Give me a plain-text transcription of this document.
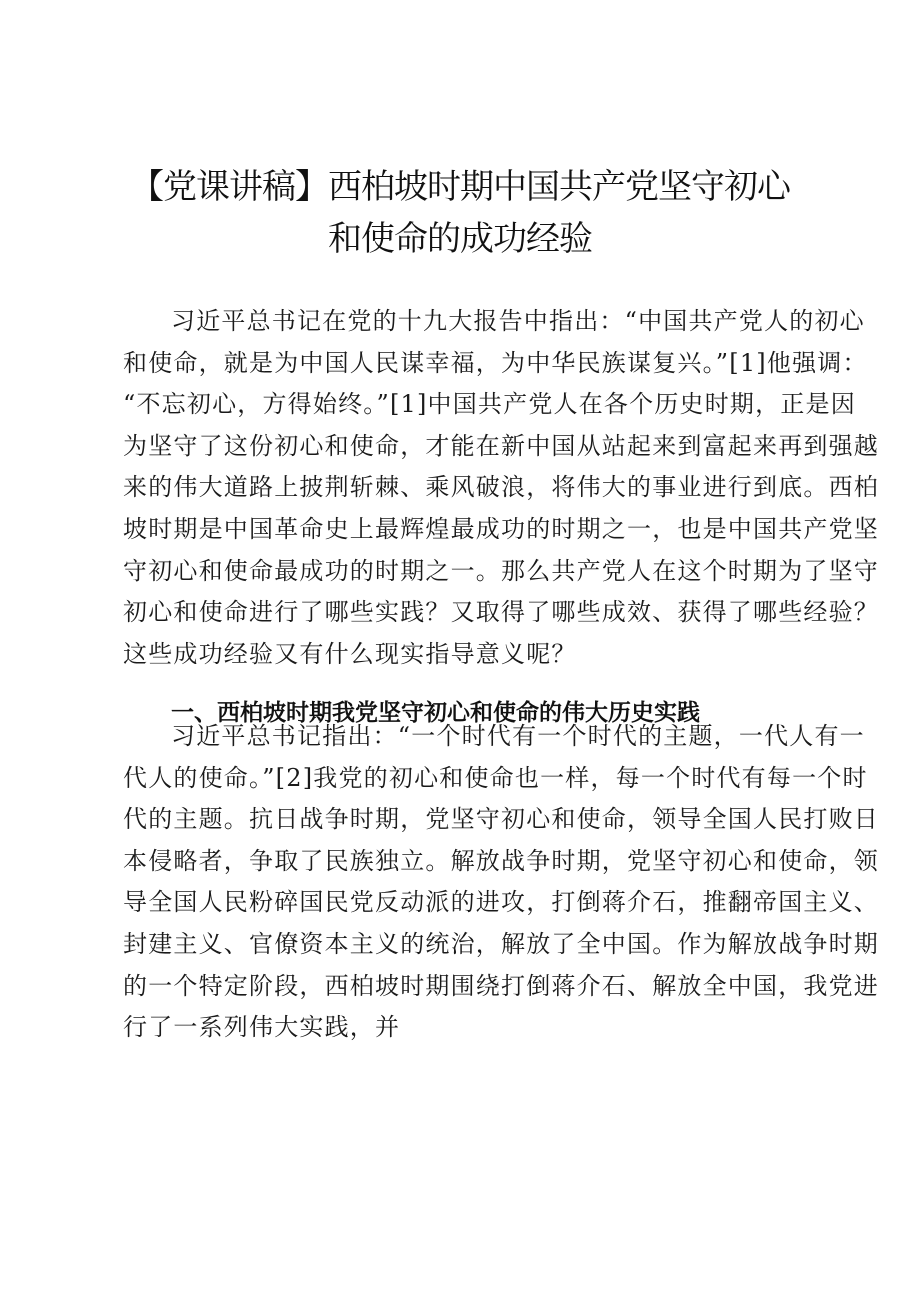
【党课讲稿】西柏坡时期中国共产党坚守初心
和使命的成功经验
习近平总书记在党的十九大报告中指出：“中国共产党人的初心
和使命，就是为中国人民谋幸福，为中华民族谋复兴。”[1]他强调：
“不忘初心，方得始终。”[1]中国共产党人在各个历史时期，正是因
为坚守了这份初心和使命，才能在新中国从站起来到富起来再到强越
来的伟大道路上披荆斩棘、乘风破浪，将伟大的事业进行到底。西柏
坡时期是中国革命史上最辉煌最成功的时期之一，也是中国共产党坚
守初心和使命最成功的时期之一。那么共产党人在这个时期为了坚守
初心和使命进行了哪些实践？又取得了哪些成效、获得了哪些经验？
这些成功经验又有什么现实指导意义呢？
一、西柏坡时期我党坚守初心和使命的伟大历史实践
习近平总书记指出：“一个时代有一个时代的主题，一代人有一
代人的使命。”[2]我党的初心和使命也一样，每一个时代有每一个时
代的主题。抗日战争时期，党坚守初心和使命，领导全国人民打败日
本侵略者，争取了民族独立。解放战争时期，党坚守初心和使命，领
导全国人民粉碎国民党反动派的进攻，打倒蒋介石，推翻帝国主义、
封建主义、官僚资本主义的统治，解放了全中国。作为解放战争时期
的一个特定阶段，西柏坡时期围绕打倒蒋介石、解放全中国，我党进
行了一系列伟大实践，并
